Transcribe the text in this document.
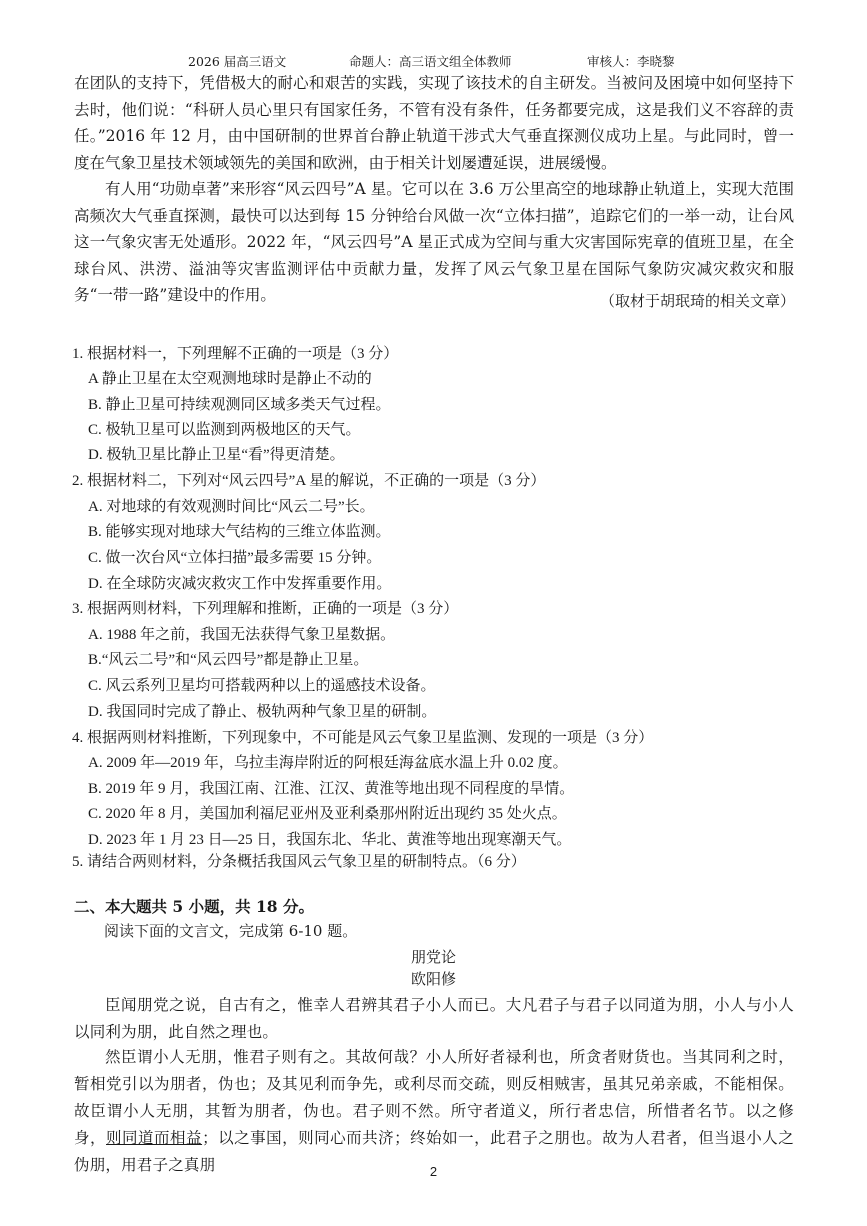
2026 届高三语文	命题人：高三语文组全体教师	审核人：李晓黎

在团队的支持下，凭借极大的耐心和艰苦的实践，实现了该技术的自主研发。当被问及困境中如何坚持下去时，他们说：“科研人员心里只有国家任务，不管有没有条件，任务都要完成，这是我们义不容辞的责任。”2016 年 12 月，由中国研制的世界首台静止轨道干涉式大气垂直探测仪成功上星。与此同时，曾一度在气象卫星技术领域领先的美国和欧洲，由于相关计划屡遭延误，进展缓慢。

有人用“功勋卓著”来形容“风云四号”A 星。它可以在 3.6 万公里高空的地球静止轨道上，实现大范围高频次大气垂直探测，最快可以达到每 15 分钟给台风做一次“立体扫描”，追踪它们的一举一动，让台风这一气象灾害无处遁形。2022 年，“风云四号”A 星正式成为空间与重大灾害国际宪章的值班卫星，在全球台风、洪涝、溢油等灾害监测评估中贡献力量，发挥了风云气象卫星在国际气象防灾减灾救灾和服务“一带一路”建设中的作用。	（取材于胡珉琦的相关文章）
1. 根据材料一，下列理解不正确的一项是（3 分）
A 静止卫星在太空观测地球时是静止不动的
B. 静止卫星可持续观测同区域多类天气过程。
C. 极轨卫星可以监测到两极地区的天气。
D. 极轨卫星比静止卫星“看”得更清楚。
2. 根据材料二，下列对“风云四号”A 星的解说，不正确的一项是（3 分）
A. 对地球的有效观测时间比“风云二号”长。
B. 能够实现对地球大气结构的三维立体监测。
C. 做一次台风“立体扫描”最多需要 15 分钟。
D. 在全球防灾减灾救灾工作中发挥重要作用。
3. 根据两则材料，下列理解和推断，正确的一项是（3 分）
A. 1988 年之前，我国无法获得气象卫星数据。
B.“风云二号”和“风云四号”都是静止卫星。
C. 风云系列卫星均可搭载两种以上的遥感技术设备。
D. 我国同时完成了静止、极轨两种气象卫星的研制。
4. 根据两则材料推断，下列现象中，不可能是风云气象卫星监测、发现的一项是（3 分）
A. 2009 年—2019 年，乌拉圭海岸附近的阿根廷海盆底水温上升 0.02 度。
B. 2019 年 9 月，我国江南、江淮、江汉、黄淮等地出现不同程度的旱情。
C. 2020 年 8 月，美国加利福尼亚州及亚利桑那州附近出现约 35 处火点。
D. 2023 年 1 月 23 日—25 日，我国东北、华北、黄淮等地出现寒潮天气。
5. 请结合两则材料，分条概括我国风云气象卫星的研制特点。（6 分）
二、本大题共 5 小题，共 18 分。
阅读下面的文言文，完成第 6-10 题。
朋党论
欧阳修

臣闻朋党之说，自古有之，惟幸人君辨其君子小人而已。大凡君子与君子以同道为朋，小人与小人以同利为朋，此自然之理也。

然臣谓小人无朋，惟君子则有之。其故何哉？小人所好者禄利也，所贪者财货也。当其同利之时，暂相党引以为朋者，伪也；及其见利而争先，或利尽而交疏，则反相贼害，虽其兄弟亲戚，不能相保。故臣谓小人无朋，其暂为朋者，伪也。君子则不然。所守者道义，所行者忠信，所惜者名节。以之修身，则同道而相益；以之事国，则同心而共济；终始如一，此君子之朋也。故为人君者，但当退小人之伪朋，用君子之真朋	2
